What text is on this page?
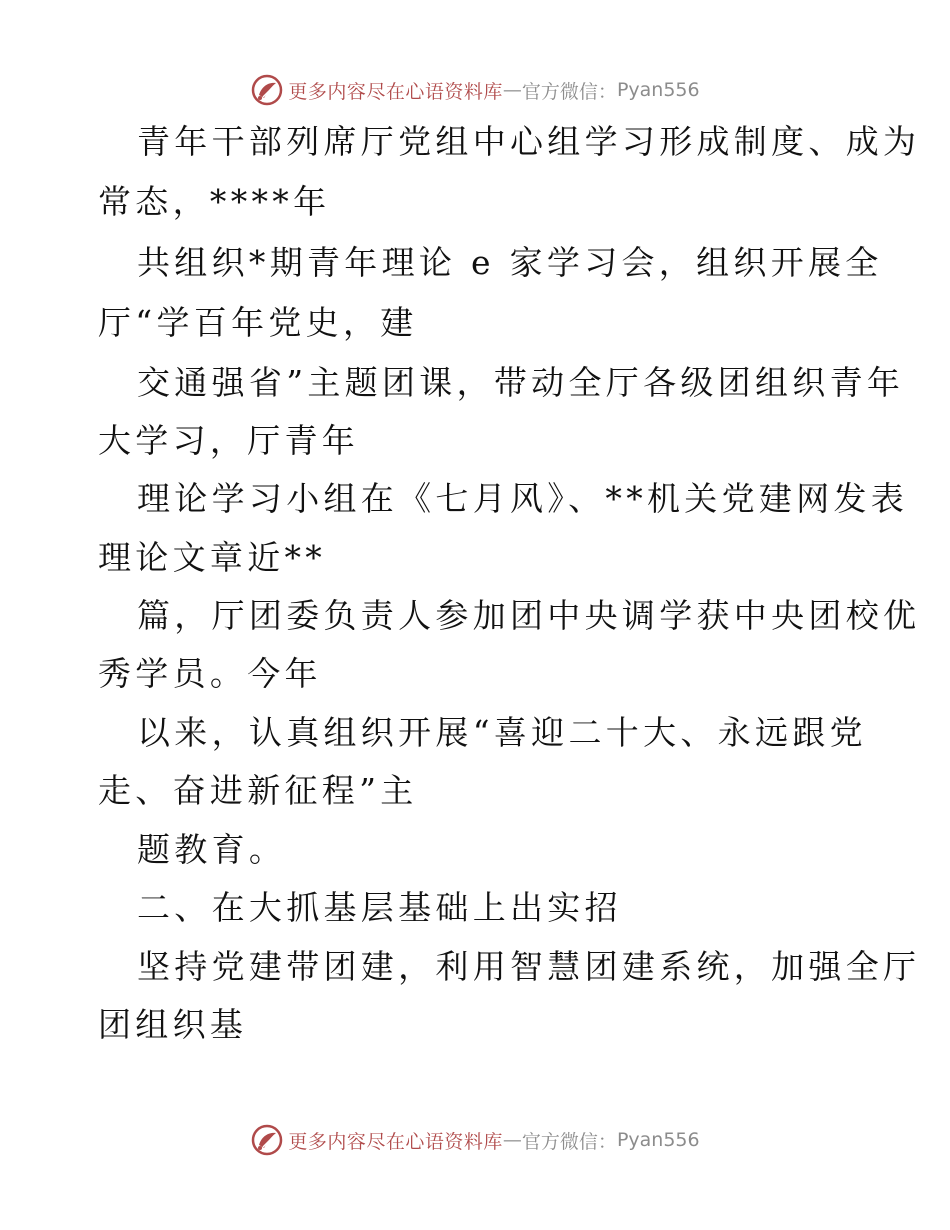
更多内容尽在心语资料库 — 官方微信： Pyan556
青年干部列席厅党组中心组学习形成制度、成为
常态，****年
共组织*期青年理论 e 家学习会，组织开展全
厅“学百年党史，建
交通强省”主题团课，带动全厅各级团组织青年
大学习，厅青年
理论学习小组在《七月风》、**机关党建网发表
理论文章近**
篇，厅团委负责人参加团中央调学获中央团校优
秀学员。今年
以来，认真组织开展“喜迎二十大、永远跟党
走、奋进新征程”主
题教育。
二、在大抓基层基础上出实招
坚持党建带团建，利用智慧团建系统，加强全厅
团组织基
更多内容尽在心语资料库 — 官方微信： Pyan556
